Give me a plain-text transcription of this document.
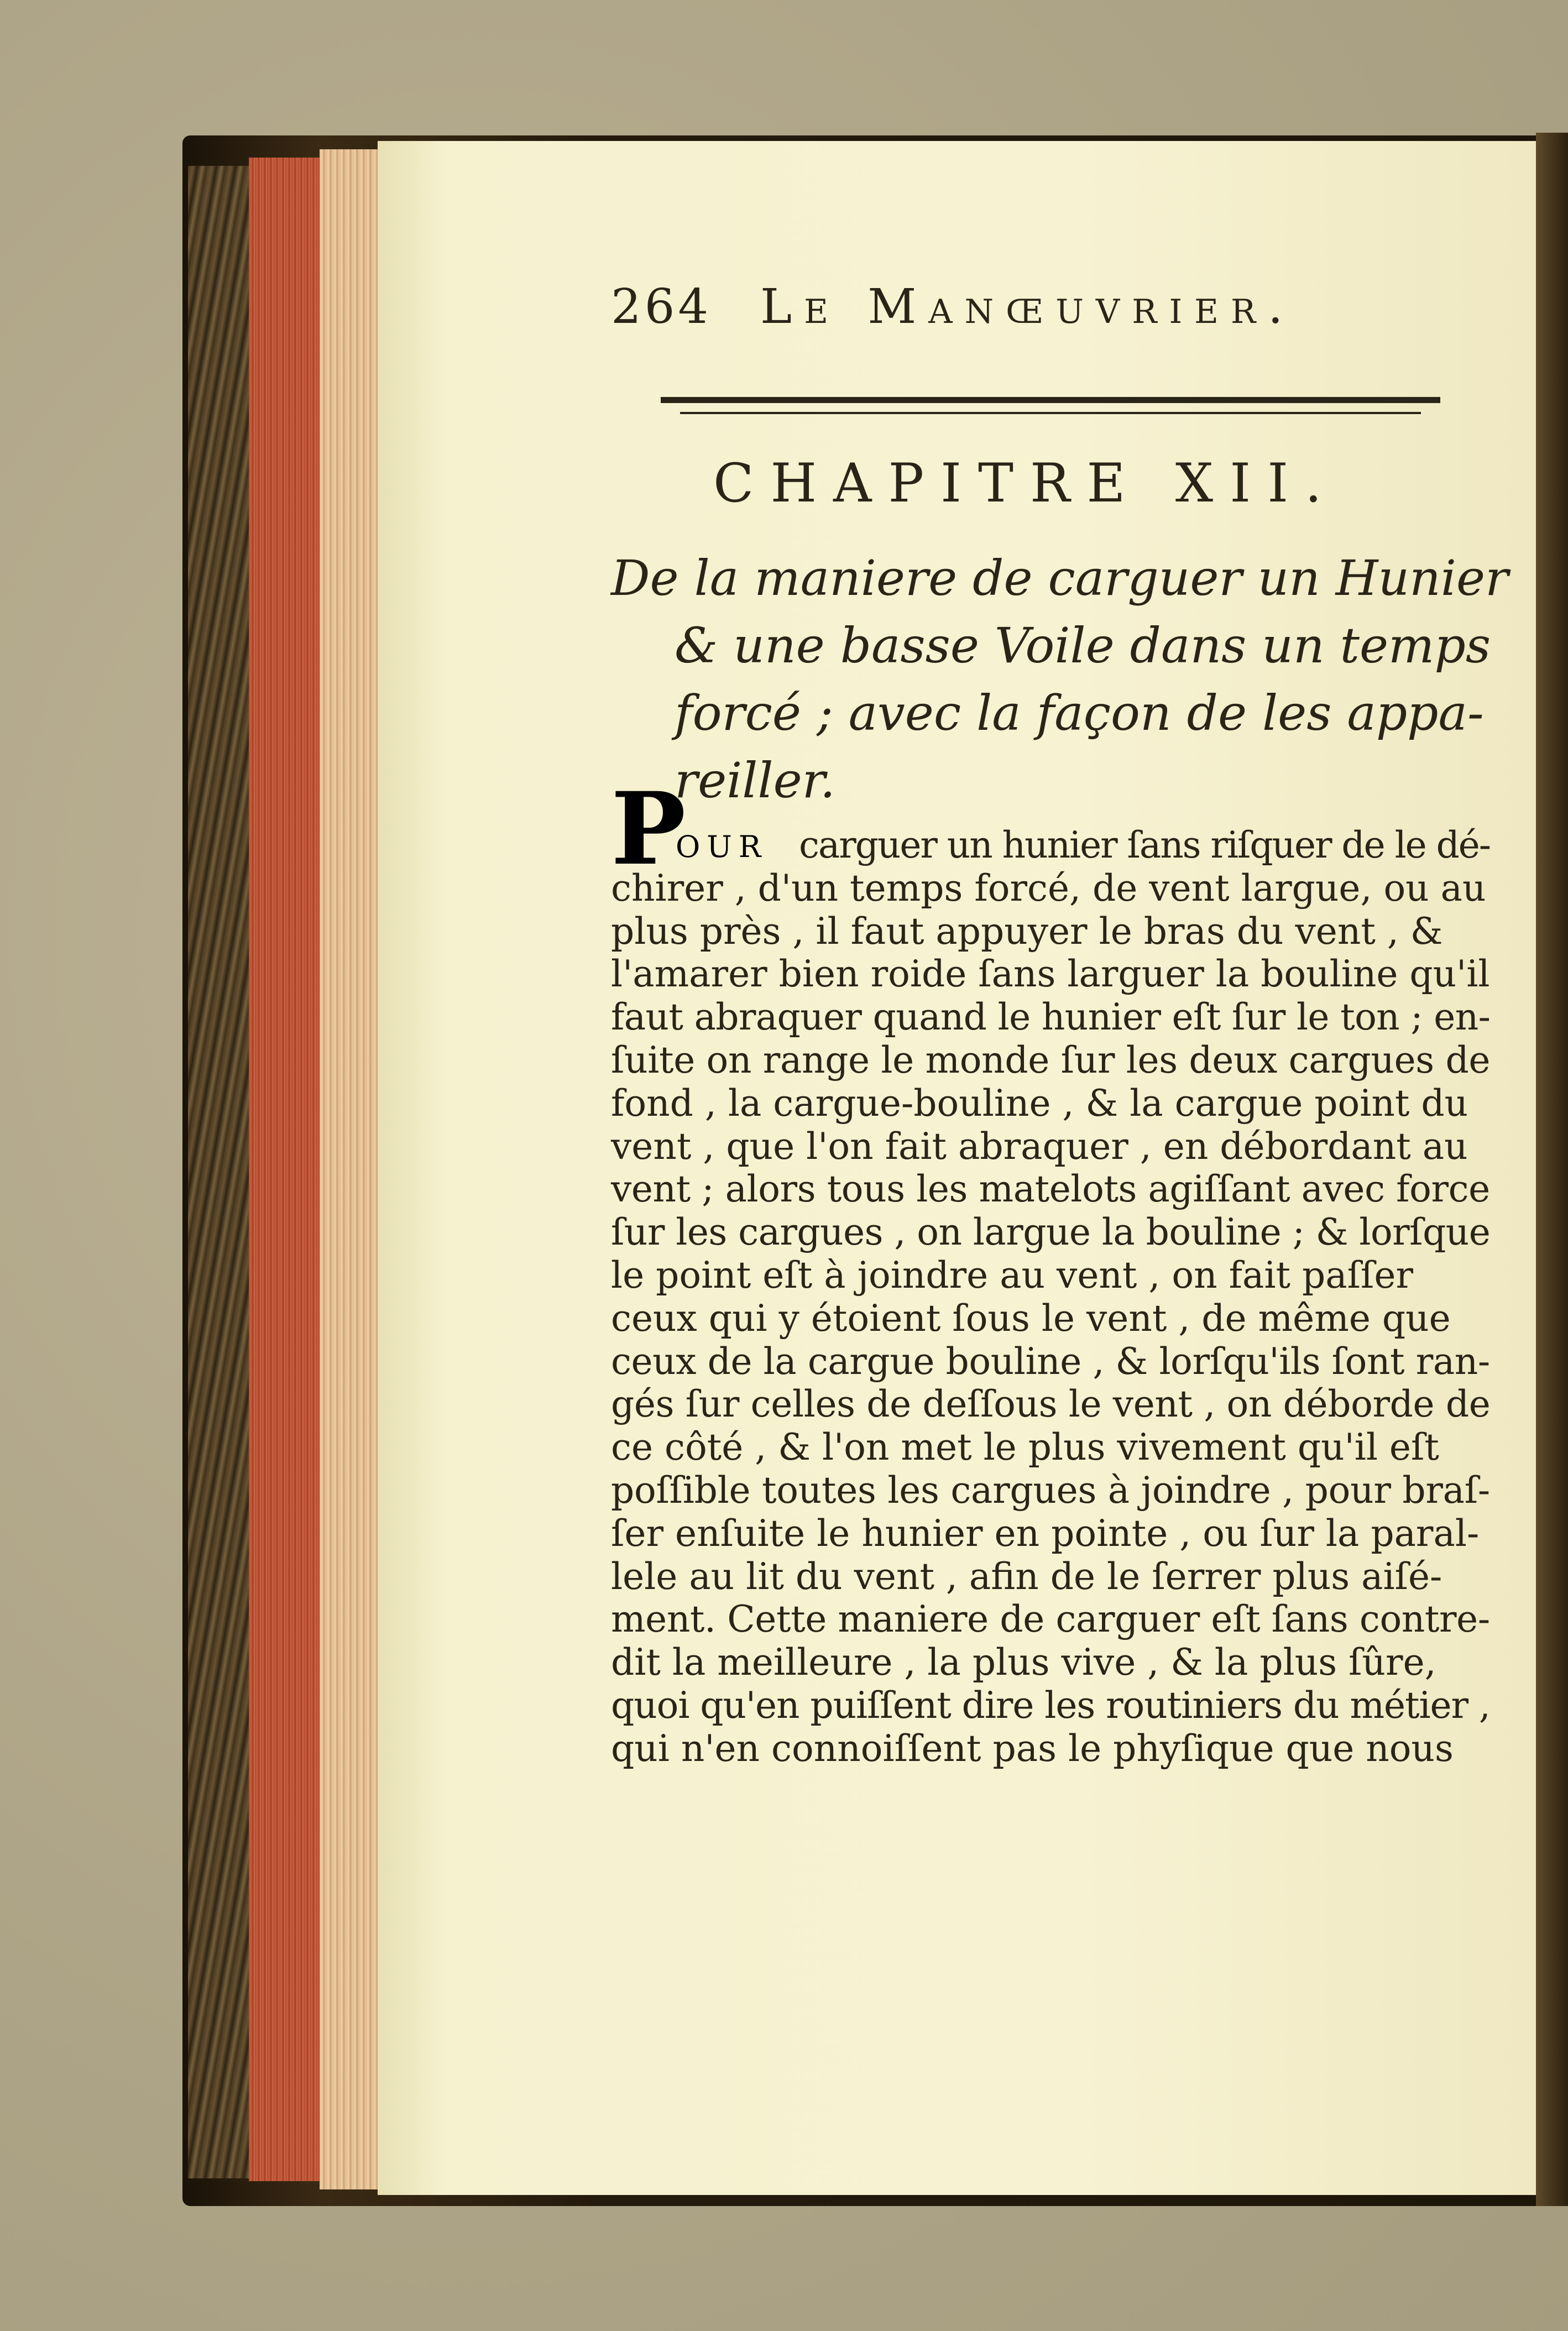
264 Le Manœuvrier.
CHAPITRE XII.
De la maniere de carguer un Hunier
& une basse Voile dans un temps
forcé ; avec la façon de les appa-
reiller.
P
OUR carguer un hunier ſans riſquer de le dé-
chirer , d'un temps forcé, de vent largue, ou au
plus près , il faut appuyer le bras du vent , &
l'amarer bien roide ſans larguer la bouline qu'il
faut abraquer quand le hunier eſt ſur le ton ; en-
ſuite on range le monde ſur les deux cargues de
fond , la cargue-bouline , & la cargue point du
vent , que l'on fait abraquer , en débordant au
vent ; alors tous les matelots agiſſant avec force
ſur les cargues , on largue la bouline ; & lorſque
le point eſt à joindre au vent , on fait paſſer
ceux qui y étoient ſous le vent , de même que
ceux de la cargue bouline , & lorſqu'ils ſont ran-
gés ſur celles de deſſous le vent , on déborde de
ce côté , & l'on met le plus vivement qu'il eſt
poſſible toutes les cargues à joindre , pour braſ-
ſer enſuite le hunier en pointe , ou ſur la paral-
lele au lit du vent , afin de le ſerrer plus aiſé-
ment. Cette maniere de carguer eſt ſans contre-
dit la meilleure , la plus vive , & la plus ſûre,
quoi qu'en puiſſent dire les routiniers du métier ,
qui n'en connoiſſent pas le phyſique que nous
